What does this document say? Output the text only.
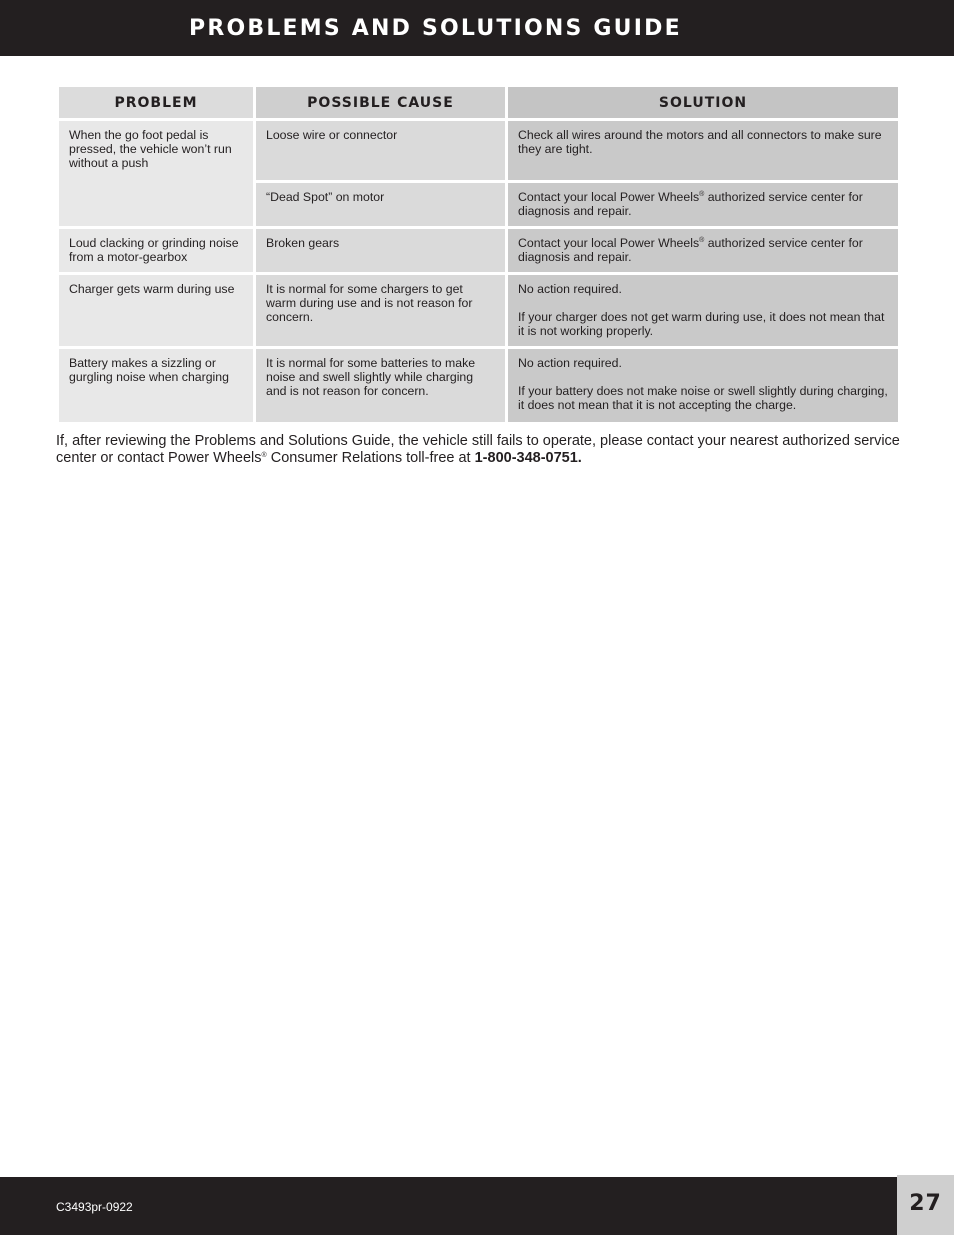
PROBLEMS AND SOLUTIONS GUIDE
PROBLEM	POSSIBLE CAUSE	SOLUTION
When the go foot pedal is pressed, the vehicle won’t run without a push	Loose wire or connector	Check all wires around the motors and all connectors to make sure they are tight.

	“Dead Spot” on motor	Contact your local Power Wheels® authorized service center for diagnosis and repair.
Loud clacking or grinding noise from a motor-gearbox	Broken gears	Contact your local Power Wheels® authorized service center for diagnosis and repair.
Charger gets warm during use	It is normal for some chargers to get warm during use and is not reason for concern.	No action required.
If your charger does not get warm during use, it does not mean that it is not working properly.

Battery makes a sizzling or gurgling noise when charging	It is normal for some batteries to make noise and swell slightly while charging and is not reason for concern.	No action required.
If your battery does not make noise or swell slightly during charging, it does not mean that it is not accepting the charge.

If, after reviewing the Problems and Solutions Guide, the vehicle still fails to operate, please contact your nearest authorized service center or contact Power Wheels® Consumer Relations toll-free at 1-800-348-0751.

C3493pr-0922	27
